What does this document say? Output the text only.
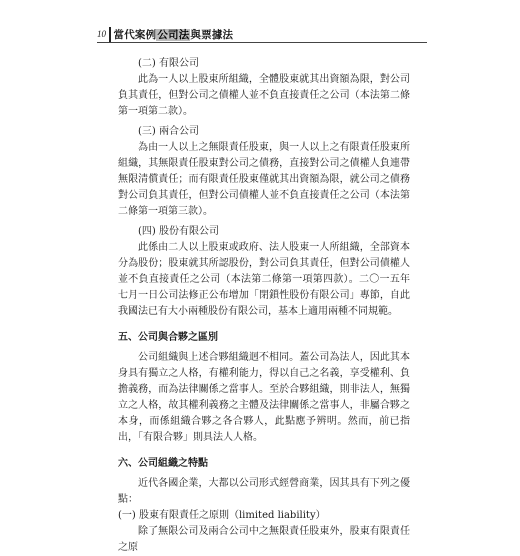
10 當代案例公司法與票據法

(二) 有限公司

此為一人以上股東所組織，全體股東就其出資額為限，對公司負其責任，但對公司之債權人並不負直接責任之公司（本法第二條第一項第二款）。

(三) 兩合公司

為由一人以上之無限責任股東，與一人以上之有限責任股東所組織，其無限責任股東對公司之債務，直接對公司之債權人負連帶無限清償責任；而有限責任股東僅就其出資額為限，就公司之債務對公司負其責任，但對公司債權人並不負直接責任之公司（本法第二條第一項第三款）。

(四) 股份有限公司

此係由二人以上股東或政府、法人股東一人所組織，全部資本分為股份；股東就其所認股份，對公司負其責任，但對公司債權人並不負直接責任之公司（本法第二條第一項第四款）。二〇一五年七月一日公司法修正公布增加「閉鎖性股份有限公司」專節，自此我國法已有大小兩種股份有限公司，基本上適用兩種不同規範。

五、公司與合夥之區別

公司組織與上述合夥組織迥不相同。蓋公司為法人，因此其本身具有獨立之人格，有權利能力，得以自己之名義，享受權利、負擔義務，而為法律關係之當事人。至於合夥組織，則非法人，無獨立之人格，故其權利義務之主體及法律關係之當事人，非屬合夥之本身，而係組織合夥之各合夥人，此點應予辨明。然而，前已指出，「有限合夥」則具法人人格。

六、公司組織之特點

近代各國企業，大都以公司形式經營商業，因其具有下列之優點：

(一) 股東有限責任之原則（limited liability）

除了無限公司及兩合公司中之無限責任股東外，股東有限責任之原
